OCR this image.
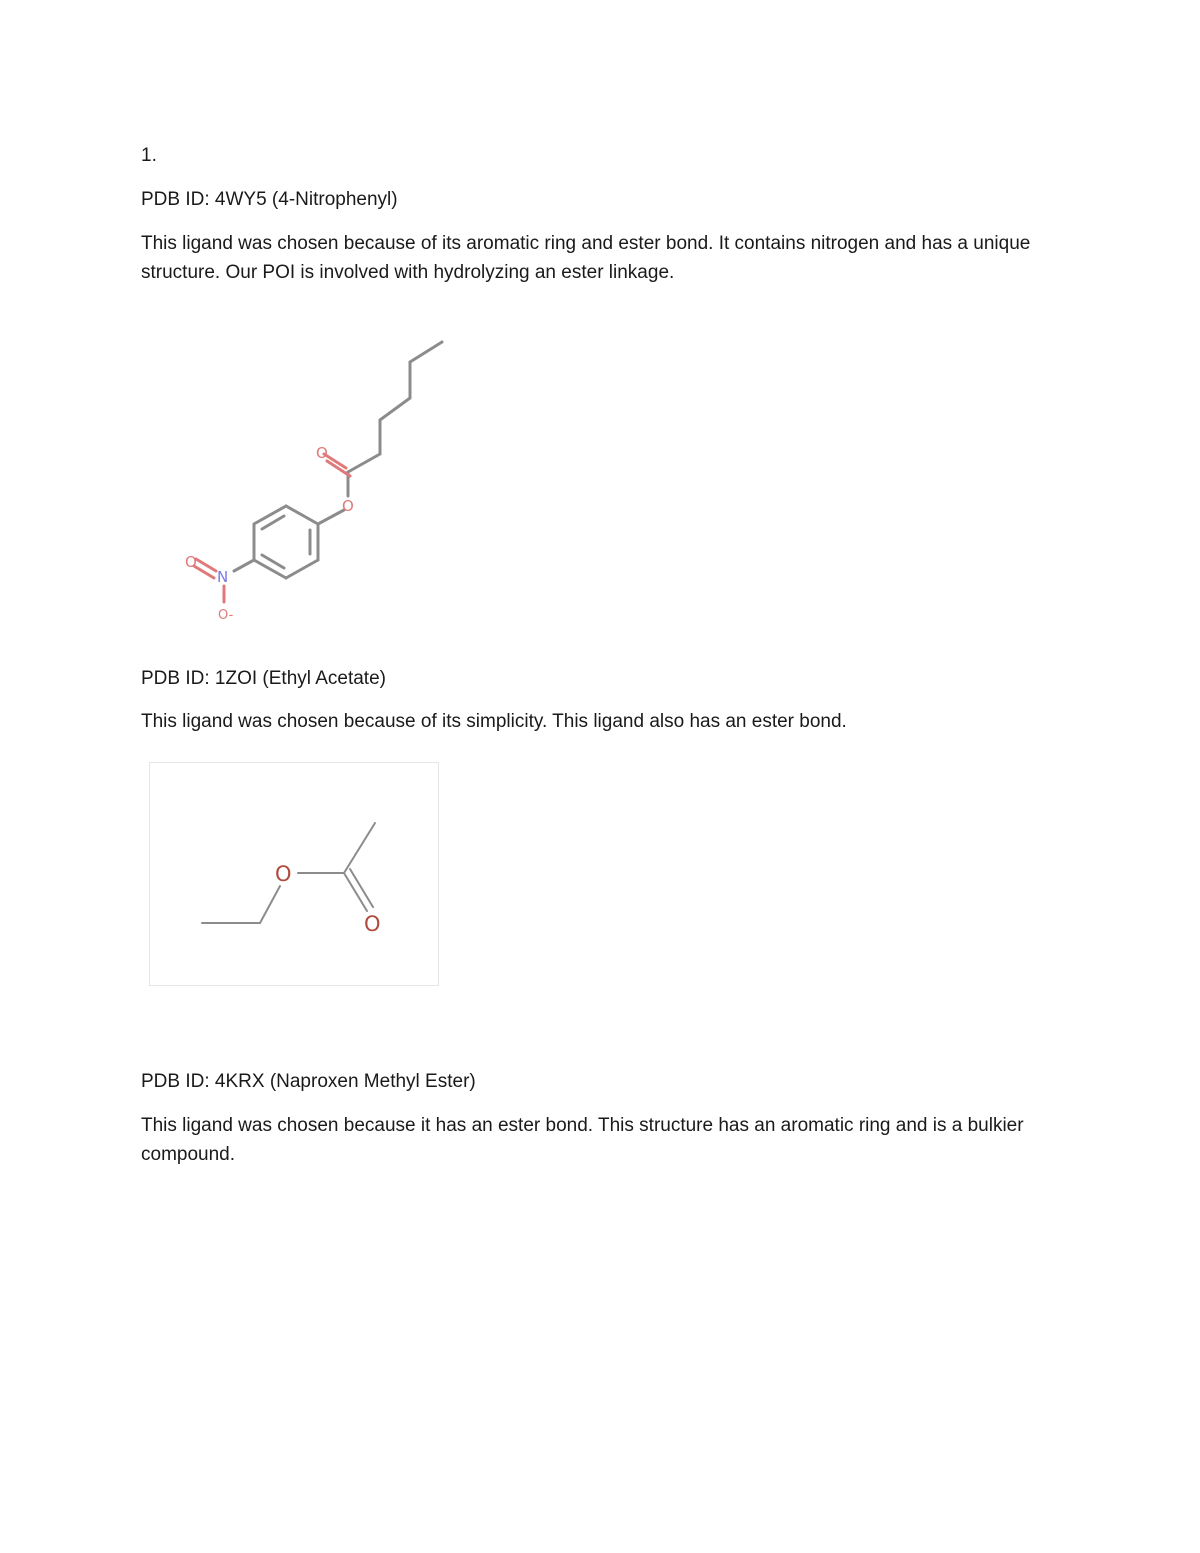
1.

PDB ID: 4WY5 (4-Nitrophenyl)

This ligand was chosen because of its aromatic ring and ester bond. It contains nitrogen and has a unique

structure. Our POI is involved with hydrolyzing an ester linkage.

O
O
N
O
O-

PDB ID: 1ZOI (Ethyl Acetate)

This ligand was chosen because of its simplicity. This ligand also has an ester bond.

O
O

PDB ID: 4KRX (Naproxen Methyl Ester)

This ligand was chosen because it has an ester bond. This structure has an aromatic ring and is a bulkier

compound.
